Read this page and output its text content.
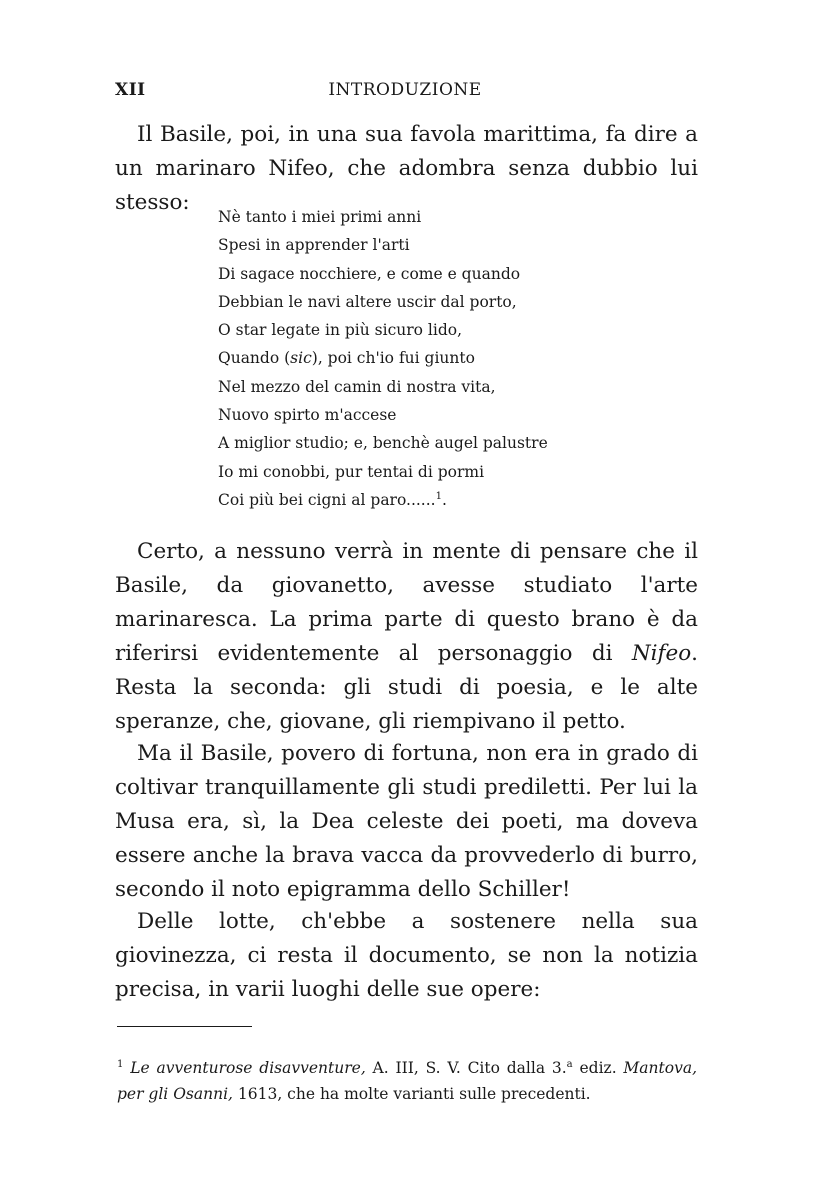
XII	INTRODUZIONE

Il Basile, poi, in una sua favola marittima, fa dire a un marinaro Nifeo, che adombra senza dubbio lui stesso:

Nè tanto i miei primi anni
Spesi in apprender l'arti
Di sagace nocchiere, e come e quando
Debbian le navi altere uscir dal porto,
O star legate in più sicuro lido,
Quando (sic), poi ch'io fui giunto
Nel mezzo del camin di nostra vita,
Nuovo spirto m'accese
A miglior studio; e, benchè augel palustre
Io mi conobbi, pur tentai di pormi
Coi più bei cigni al paro......$^1$.

Certo, a nessuno verrà in mente di pensare che il Basile, da giovanetto, avesse studiato l'arte marinaresca. La prima parte di questo brano è da riferirsi evidentemente al personaggio di Nifeo. Resta la seconda: gli studi di poesia, e le alte speranze, che, giovane, gli riempivano il petto.

Ma il Basile, povero di fortuna, non era in grado di coltivar tranquillamente gli studi prediletti. Per lui la Musa era, sì, la Dea celeste dei poeti, ma doveva essere anche la brava vacca da provvederlo di burro, secondo il noto epigramma dello Schiller!

Delle lotte, ch'ebbe a sostenere nella sua giovinezza, ci resta il documento, se non la notizia precisa, in varii luoghi delle sue opere:

$^1$ Le avventurose disavventure, A. III, S. V. Cito dalla 3.$^a$ ediz. Mantova, per gli Osanni, 1613, che ha molte varianti sulle precedenti.
